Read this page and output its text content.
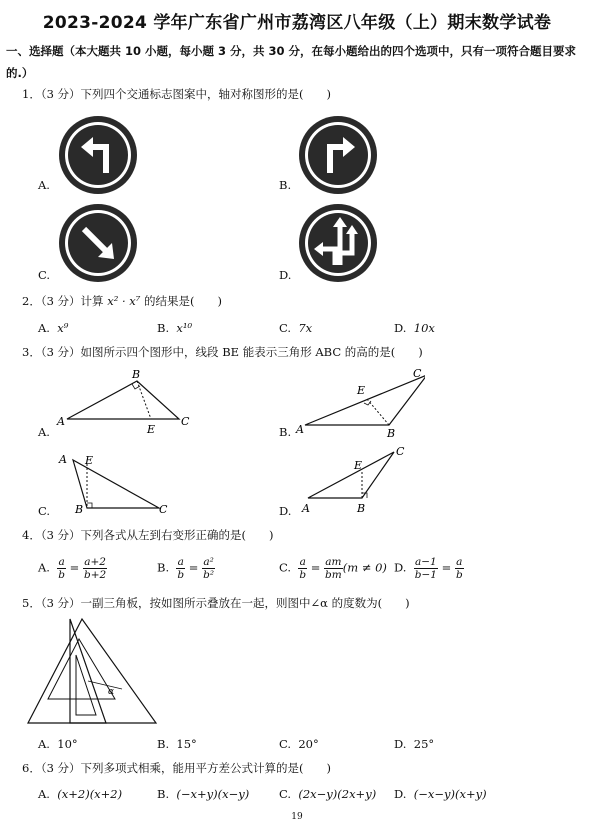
2023-2024 学年广东省广州市荔湾区八年级（上）期末数学试卷
一、选择题（本大题共 10 小题，每小题 3 分，共 30 分，在每小题给出的四个选项中，只有一项符合题目要求的.）
1．（3 分）下列四个交通标志图案中，轴对称图形的是(　　)
A.	B.
C.	D.
2．（3 分）计算 x² · x⁷ 的结果是(　　)
A. x⁹	B. x¹⁰	C. 7x	D. 10x
3．（3 分）如图所示四个图形中，线段 BE 能表示三角形 ABC 的高的是(　　)
A.
A
B
C
E	B. A	B
C
E
C.
A E
B	C	D. A	B
C
E
4．（3 分）下列各式从左到右变形正确的是(　　)
A. $\frac{a}{b} = \frac{a+2}{b+2}$	B. $\frac{a}{b} = \frac{\text{a²}}{\text{b²}}$	C. $\frac{a}{b} = \frac{am}{bm} (m \ne 0)$ D. $\frac{a-1}{b-1} = \frac{a}{b}$
5．（3 分）一副三角板，按如图所示叠放在一起，则图中∠α 的度数为(　　)
α
A. 10°	B. 15°	C. 20°	D. 25°
6．（3 分）下列多项式相乘，能用平方差公式计算的是(　　)
A. (x+2)(x+2)	B. (−x+y)(x−y)	C. (2x−y)(2x+y) D. (−x−y)(x+y)
19
